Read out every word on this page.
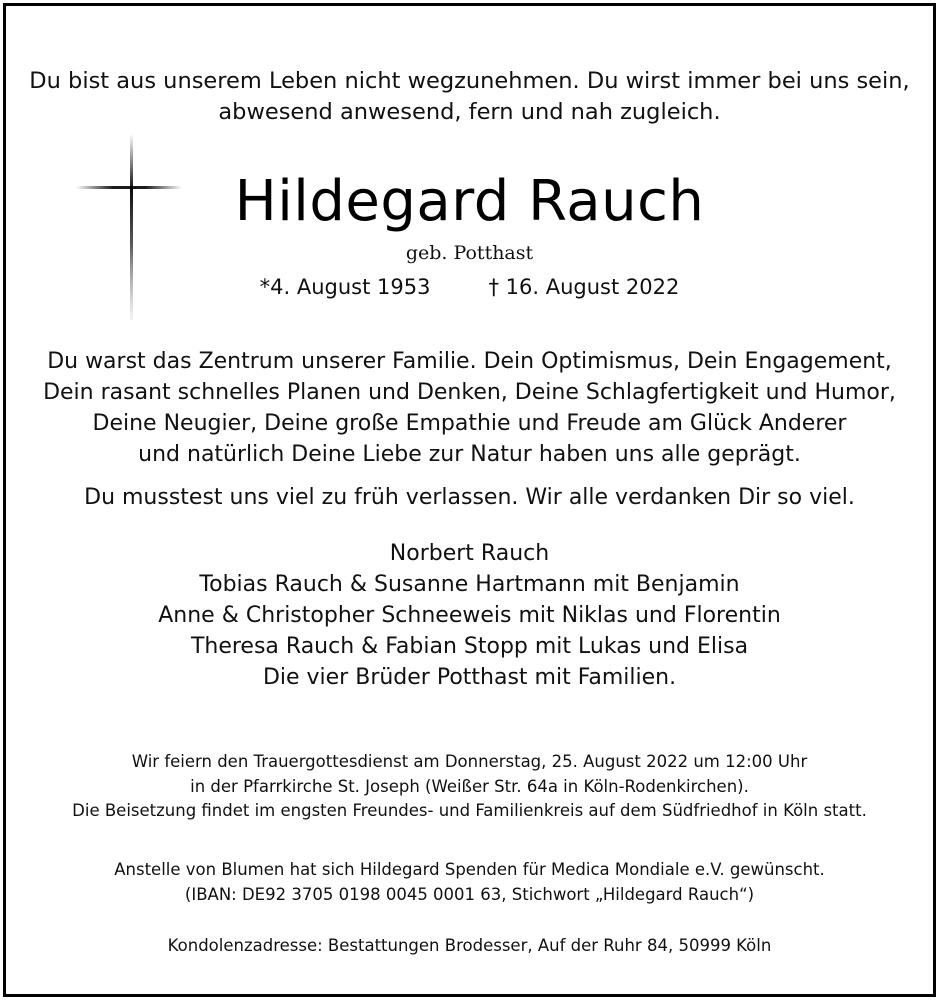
Du bist aus unserem Leben nicht wegzunehmen. Du wirst immer bei uns sein,
abwesend anwesend, fern und nah zugleich.
Hildegard Rauch
geb. Potthast
*4. August 1953	† 16. August 2022
Du warst das Zentrum unserer Familie. Dein Optimismus, Dein Engagement,
Dein rasant schnelles Planen und Denken, Deine Schlagfertigkeit und Humor,
Deine Neugier, Deine große Empathie und Freude am Glück Anderer
und natürlich Deine Liebe zur Natur haben uns alle geprägt.
Du musstest uns viel zu früh verlassen. Wir alle verdanken Dir so viel.
Norbert Rauch
Tobias Rauch & Susanne Hartmann mit Benjamin
Anne & Christopher Schneeweis mit Niklas und Florentin
Theresa Rauch & Fabian Stopp mit Lukas und Elisa
Die vier Brüder Potthast mit Familien.
Wir feiern den Trauergottesdienst am Donnerstag, 25. August 2022 um 12:00 Uhr
in der Pfarrkirche St. Joseph (Weißer Str. 64a in Köln-Rodenkirchen).
Die Beisetzung findet im engsten Freundes- und Familienkreis auf dem Südfriedhof in Köln statt.
Anstelle von Blumen hat sich Hildegard Spenden für Medica Mondiale e.V. gewünscht.
(IBAN: DE92 3705 0198 0045 0001 63, Stichwort „Hildegard Rauch“)
Kondolenzadresse: Bestattungen Brodesser, Auf der Ruhr 84, 50999 Köln
